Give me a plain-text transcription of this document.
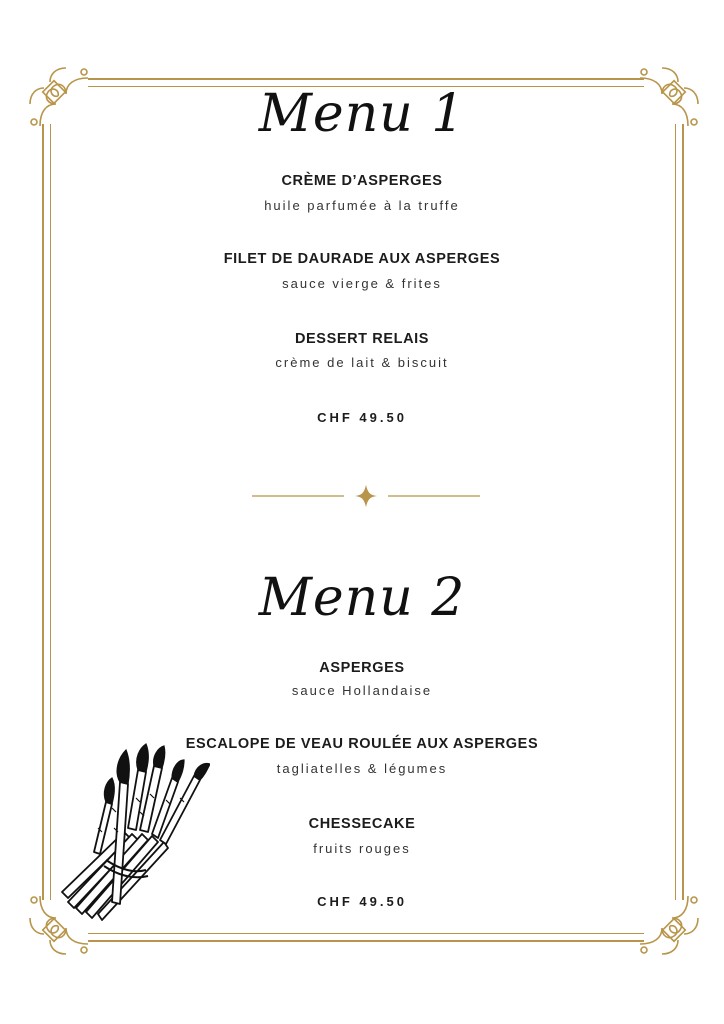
Menu 1
CRÈME D’ASPERGES
huile parfumée à la truffe
FILET DE DAURADE AUX ASPERGES
sauce vierge & frites
DESSERT RELAIS
crème de lait & biscuit
CHF 49.50
Menu 2
ASPERGES
sauce Hollandaise
ESCALOPE DE VEAU ROULÉE AUX ASPERGES
tagliatelles & légumes
CHESSECAKE
fruits rouges
CHF 49.50
